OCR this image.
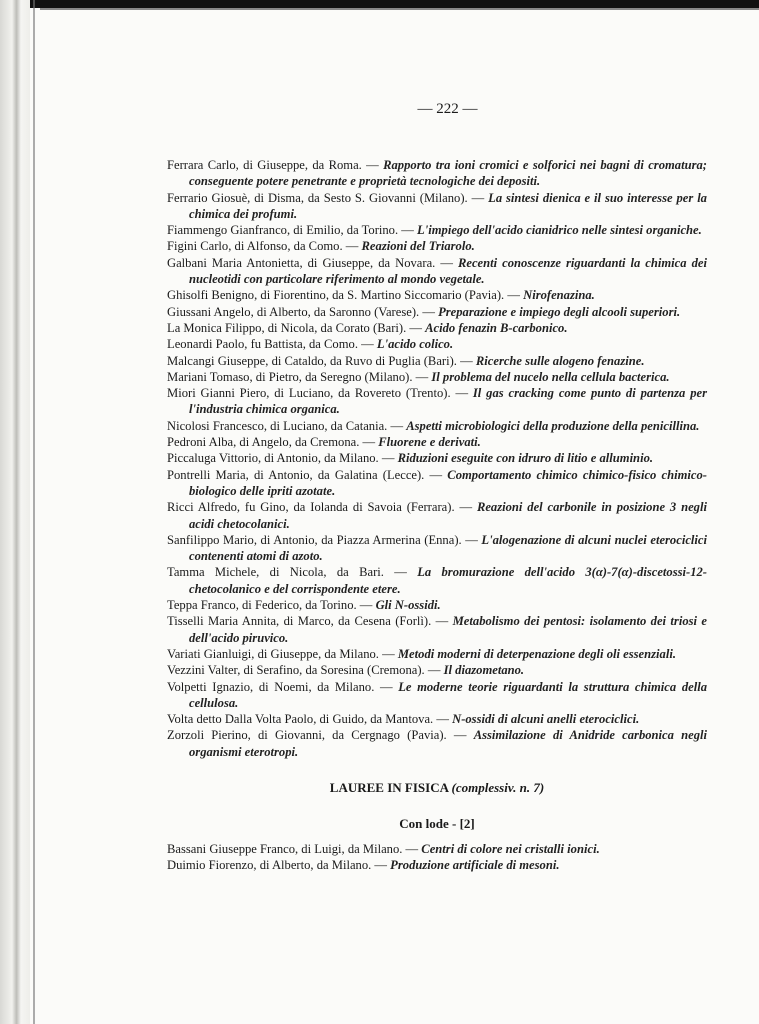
— 222 —

Ferrara Carlo, di Giuseppe, da Roma. — Rapporto tra ioni cromici e solforici nei bagni di cromatura; conseguente potere penetrante e proprietà tecnologiche dei depositi.

Ferrario Giosuè, di Disma, da Sesto S. Giovanni (Milano). — La sintesi dienica e il suo interesse per la chimica dei profumi.

Fiammengo Gianfranco, di Emilio, da Torino. — L'impiego dell'acido cianidrico nelle sintesi organiche.

Figini Carlo, di Alfonso, da Como. — Reazioni del Triarolo.

Galbani Maria Antonietta, di Giuseppe, da Novara. — Recenti conoscenze riguardanti la chimica dei nucleotidi con particolare riferimento al mondo vegetale.

Ghisolfi Benigno, di Fiorentino, da S. Martino Siccomario (Pavia). — Nirofenazina.

Giussani Angelo, di Alberto, da Saronno (Varese). — Preparazione e impiego degli alcooli superiori.

La Monica Filippo, di Nicola, da Corato (Bari). — Acido fenazin B-carbonico.

Leonardi Paolo, fu Battista, da Como. — L'acido colico.

Malcangi Giuseppe, di Cataldo, da Ruvo di Puglia (Bari). — Ricerche sulle alogeno fenazine.

Mariani Tomaso, di Pietro, da Seregno (Milano). — Il problema del nucelo nella cellula bacterica.

Miori Gianni Piero, di Luciano, da Rovereto (Trento). — Il gas cracking come punto di partenza per l'industria chimica organica.

Nicolosi Francesco, di Luciano, da Catania. — Aspetti microbiologici della produzione della penicillina.

Pedroni Alba, di Angelo, da Cremona. — Fluorene e derivati.

Piccaluga Vittorio, di Antonio, da Milano. — Riduzioni eseguite con idruro di litio e alluminio.

Pontrelli Maria, di Antonio, da Galatina (Lecce). — Comportamento chimico chimico-fisico chimico-biologico delle ipriti azotate.

Ricci Alfredo, fu Gino, da Iolanda di Savoia (Ferrara). — Reazioni del carbonile in posizione 3 negli acidi chetocolanici.

Sanfilippo Mario, di Antonio, da Piazza Armerina (Enna). — L'alogenazione di alcuni nuclei eterociclici contenenti atomi di azoto.

Tamma Michele, di Nicola, da Bari. — La bromurazione dell'acido 3(α)-7(α)-discetossi-12-chetocolanico e del corrispondente etere.

Teppa Franco, di Federico, da Torino. — Gli N-ossidi.

Tisselli Maria Annita, di Marco, da Cesena (Forlì). — Metabolismo dei pentosi: isolamento dei triosi e dell'acido piruvico.

Variati Gianluigi, di Giuseppe, da Milano. — Metodi moderni di deterpenazione degli oli essenziali.

Vezzini Valter, di Serafino, da Soresina (Cremona). — Il diazometano.

Volpetti Ignazio, di Noemi, da Milano. — Le moderne teorie riguardanti la struttura chimica della cellulosa.

Volta detto Dalla Volta Paolo, di Guido, da Mantova. — N-ossidi di alcuni anelli eterociclici.

Zorzoli Pierino, di Giovanni, da Cergnago (Pavia). — Assimilazione di Anidride carbonica negli organismi eterotropi.

LAUREE IN FISICA (complessiv. n. 7)
Con lode - [2]

Bassani Giuseppe Franco, di Luigi, da Milano. — Centri di colore nei cristalli ionici.

Duimio Fiorenzo, di Alberto, da Milano. — Produzione artificiale di mesoni.
